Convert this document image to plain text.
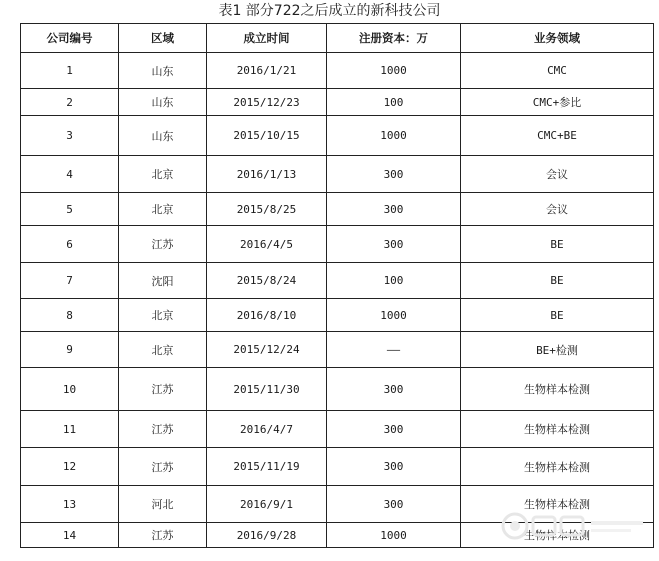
表1 部分722之后成立的新科技公司
公司编号	区域	成立时间	注册资本：万	业务领域
1	山东	2016/1/21	1000	CMC
2	山东	2015/12/23	100	CMC+参比
3	山东	2015/10/15	1000	CMC+BE
4	北京	2016/1/13	300	会议
5	北京	2015/8/25	300	会议
6	江苏	2016/4/5	300	BE
7	沈阳	2015/8/24	100	BE
8	北京	2016/8/10	1000	BE
9	北京	2015/12/24	——	BE+检测
10	江苏	2015/11/30	300	生物样本检测
11	江苏	2016/4/7	300	生物样本检测
12	江苏	2015/11/19	300	生物样本检测
13	河北	2016/9/1	300	生物样本检测
14	江苏	2016/9/28	1000	生物样本检测
